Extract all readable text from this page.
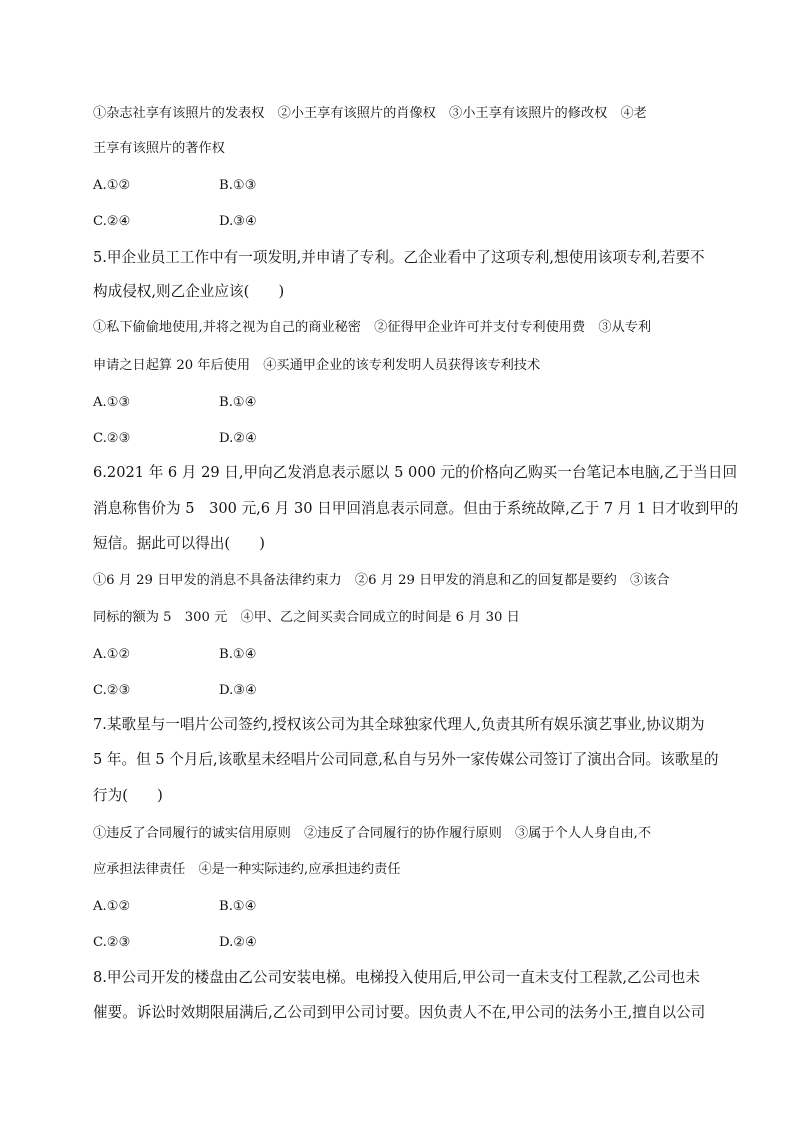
①杂志社享有该照片的发表权　②小王享有该照片的肖像权　③小王享有该照片的修改权　④老
王享有该照片的著作权
A.①②	B.①③
C.②④	D.③④
5.甲企业员工工作中有一项发明,并申请了专利。乙企业看中了这项专利,想使用该项专利,若要不
构成侵权,则乙企业应该(　　)
①私下偷偷地使用,并将之视为自己的商业秘密　②征得甲企业许可并支付专利使用费　③从专利
申请之日起算 20 年后使用　④买通甲企业的该专利发明人员获得该专利技术
A.①③	B.①④
C.②③	D.②④
6.2021 年 6 月 29 日,甲向乙发消息表示愿以 5 000 元的价格向乙购买一台笔记本电脑,乙于当日回
消息称售价为 5　300 元,6 月 30 日甲回消息表示同意。但由于系统故障,乙于 7 月 1 日才收到甲的
短信。据此可以得出(　　)
①6 月 29 日甲发的消息不具备法律约束力　②6 月 29 日甲发的消息和乙的回复都是要约　③该合
同标的额为 5　300 元　④甲、乙之间买卖合同成立的时间是 6 月 30 日
A.①②	B.①④
C.②③	D.③④
7.某歌星与一唱片公司签约,授权该公司为其全球独家代理人,负责其所有娱乐演艺事业,协议期为
5 年。但 5 个月后,该歌星未经唱片公司同意,私自与另外一家传媒公司签订了演出合同。该歌星的
行为(　　)
①违反了合同履行的诚实信用原则　②违反了合同履行的协作履行原则　③属于个人人身自由,不
应承担法律责任　④是一种实际违约,应承担违约责任
A.①②	B.①④
C.②③	D.②④
8.甲公司开发的楼盘由乙公司安装电梯。电梯投入使用后,甲公司一直未支付工程款,乙公司也未
催要。诉讼时效期限届满后,乙公司到甲公司讨要。因负责人不在,甲公司的法务小王,擅自以公司
